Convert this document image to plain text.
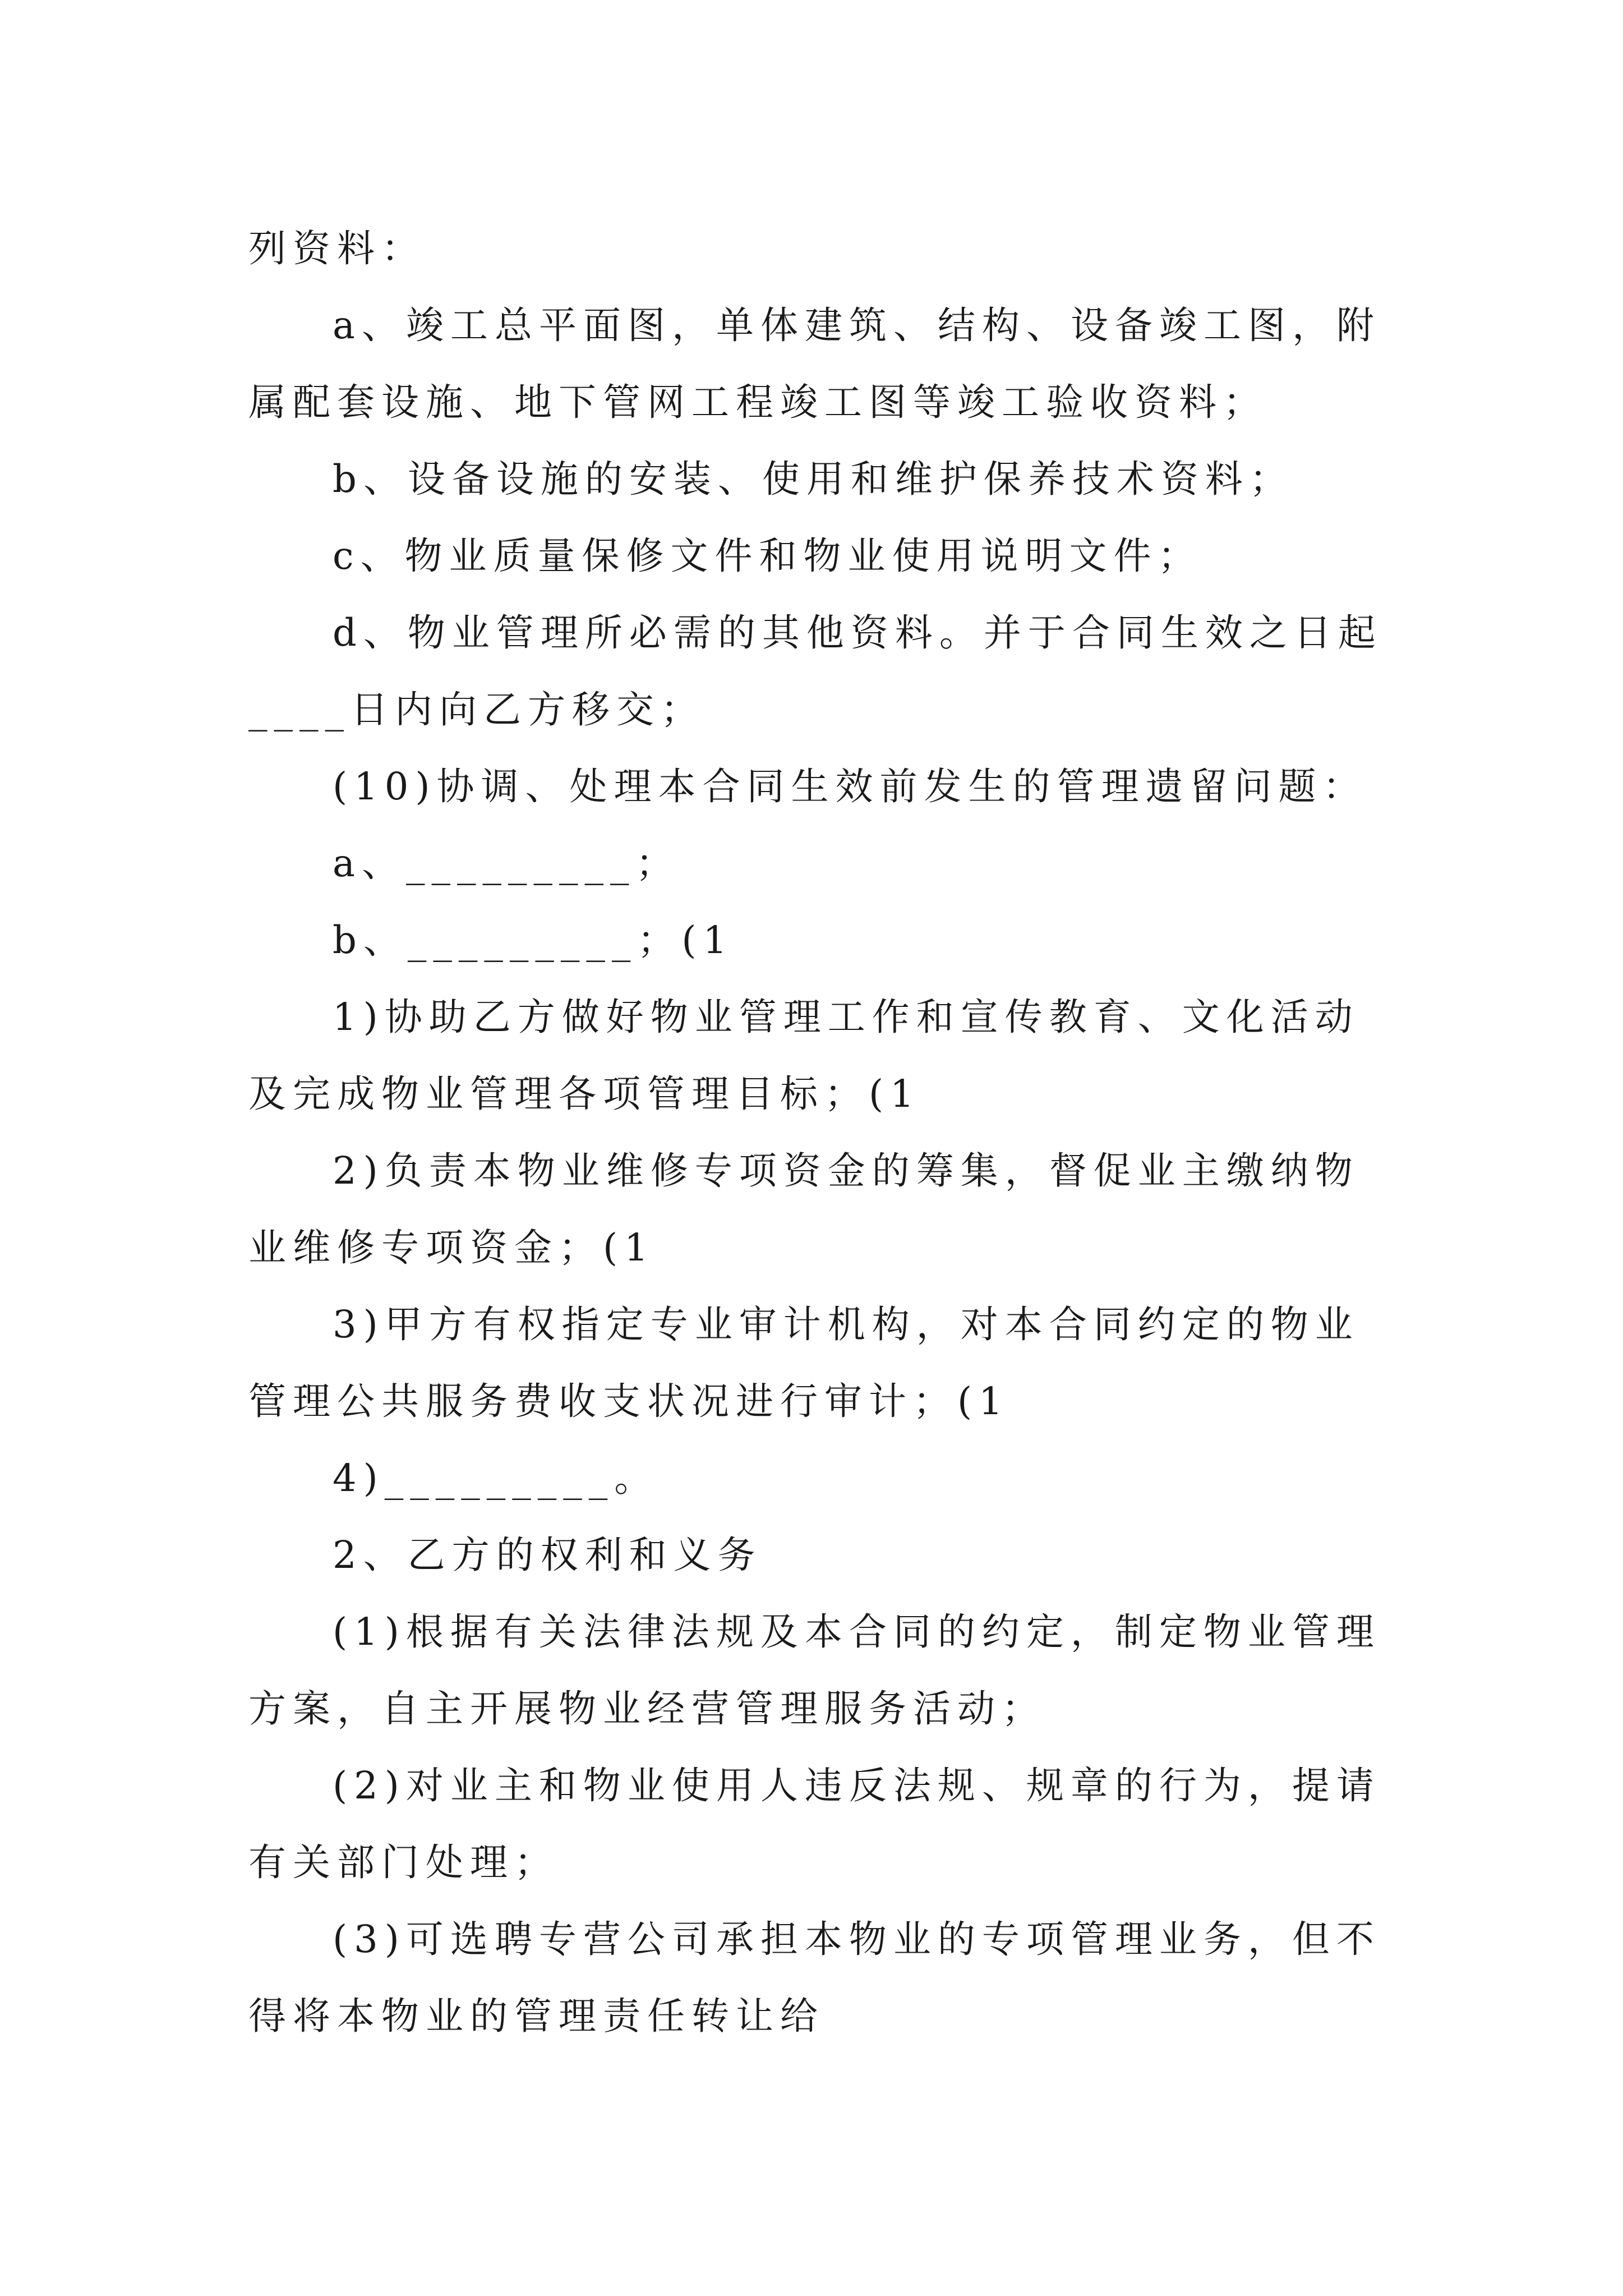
列资料：

a、竣工总平面图，单体建筑、结构、设备竣工图，附属配套设施、地下管网工程竣工图等竣工验收资料；

b、设备设施的安装、使用和维护保养技术资料；

c、物业质量保修文件和物业使用说明文件；

d、物业管理所必需的其他资料。并于合同生效之日起____日内向乙方移交；

(10)协调、处理本合同生效前发生的管理遗留问题：

a、_________；

b、_________；(1

1)协助乙方做好物业管理工作和宣传教育、文化活动及完成物业管理各项管理目标；(1

2)负责本物业维修专项资金的筹集，督促业主缴纳物业维修专项资金；(1

3)甲方有权指定专业审计机构，对本合同约定的物业管理公共服务费收支状况进行审计；(1

4)_________。

2、乙方的权利和义务

(1)根据有关法律法规及本合同的约定，制定物业管理方案，自主开展物业经营管理服务活动；

(2)对业主和物业使用人违反法规、规章的行为，提请有关部门处理；

(3)可选聘专营公司承担本物业的专项管理业务，但不得将本物业的管理责任转让给
